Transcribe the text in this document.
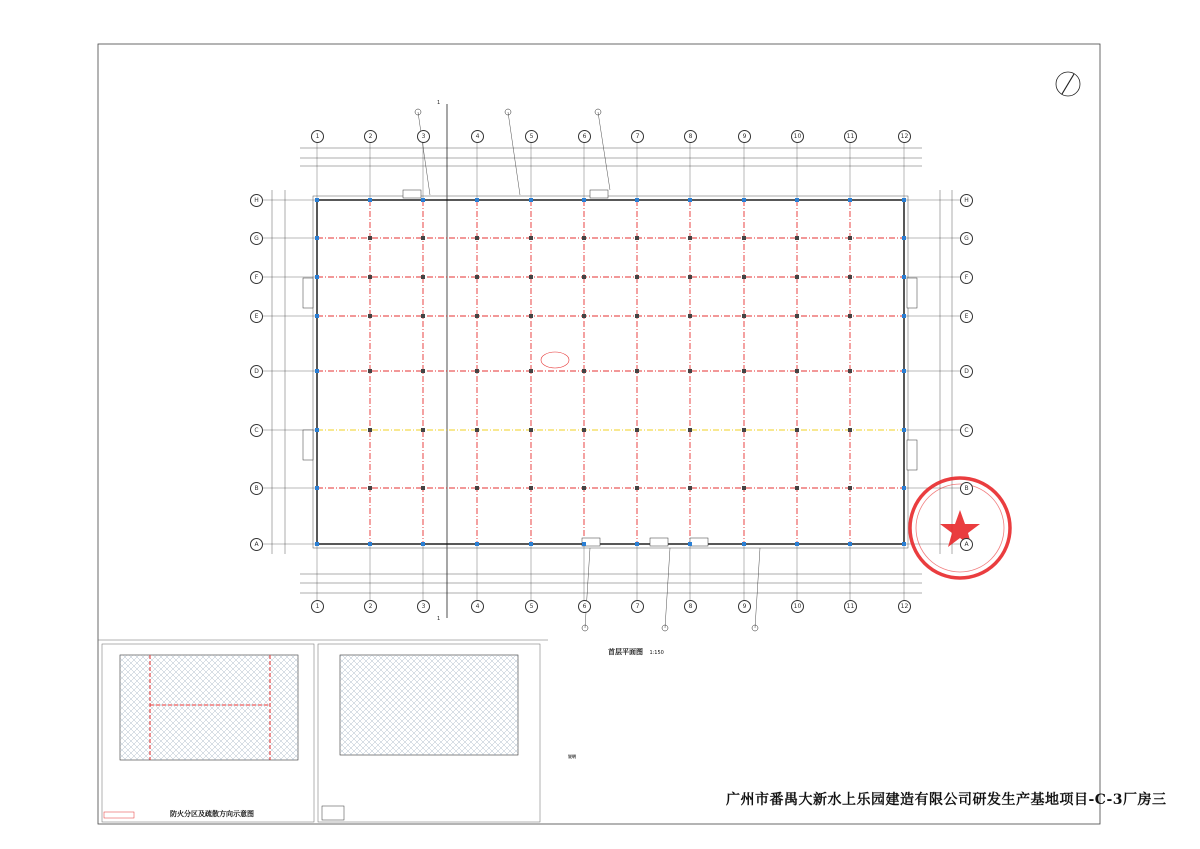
1	2	3	4	5	6	7	8	9	10	11	12
1	2	3	4	5	6	7	8	9	10	11	12
H
G
F
E
D
C
B
A
H
G
F
E
D
C
B
A
1
1
首层平面图 1:150
防火分区及疏散方向示意图
说明
广州市番禺大新水上乐园建造有限公司研发生产基地项目-C-3厂房三
